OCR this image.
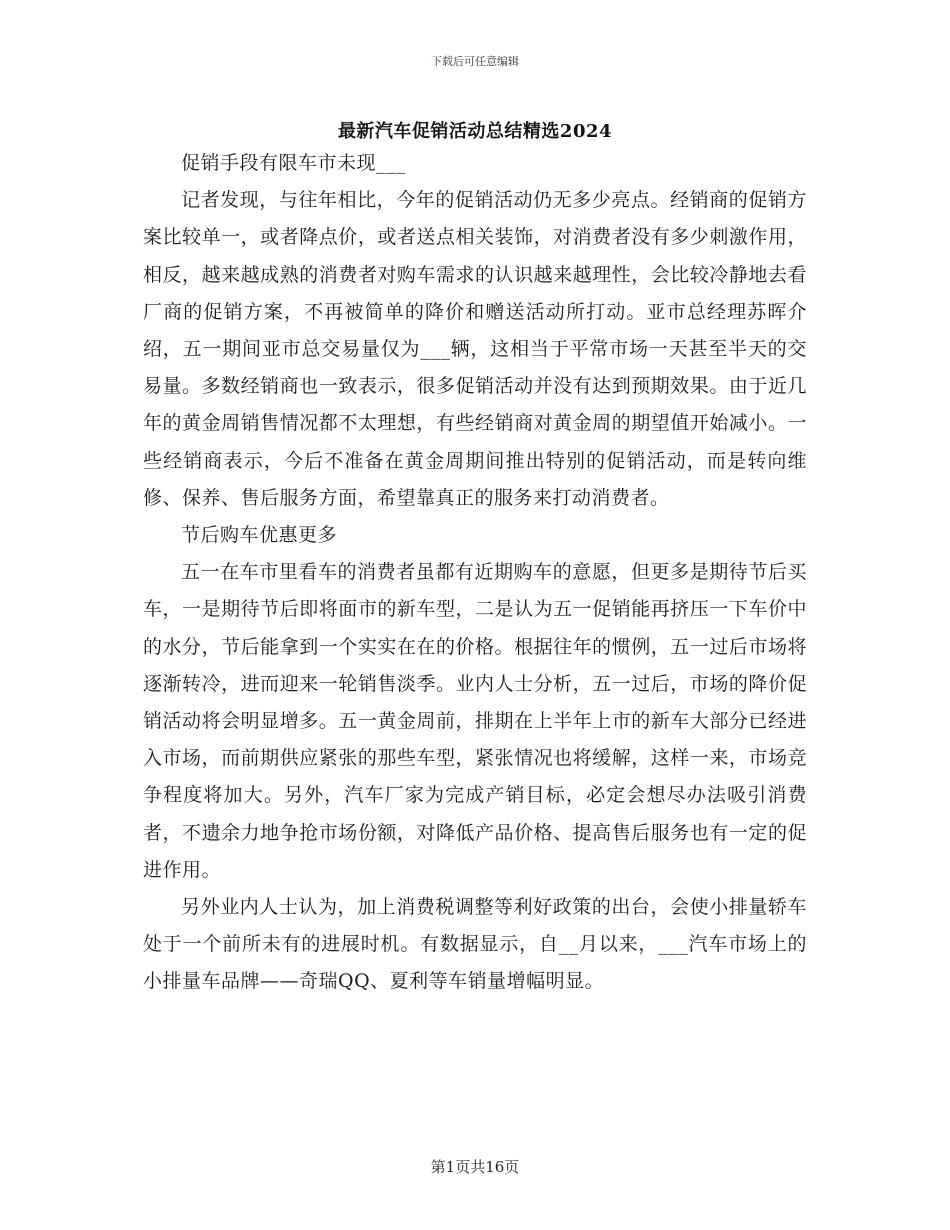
下载后可任意编辑
最新汽车促销活动总结精选2024

促销手段有限车市未现___

记者发现，与往年相比，今年的促销活动仍无多少亮点。经销商的促销方案比较单一，或者降点价，或者送点相关装饰，对消费者没有多少刺激作用，相反，越来越成熟的消费者对购车需求的认识越来越理性，会比较冷静地去看厂商的促销方案，不再被简单的降价和赠送活动所打动。亚市总经理苏晖介绍，五一期间亚市总交易量仅为___辆，这相当于平常市场一天甚至半天的交易量。多数经销商也一致表示，很多促销活动并没有达到预期效果。由于近几年的黄金周销售情况都不太理想，有些经销商对黄金周的期望值开始减小。一些经销商表示，今后不准备在黄金周期间推出特别的促销活动，而是转向维修、保养、售后服务方面，希望靠真正的服务来打动消费者。

节后购车优惠更多

五一在车市里看车的消费者虽都有近期购车的意愿，但更多是期待节后买车，一是期待节后即将面市的新车型，二是认为五一促销能再挤压一下车价中的水分，节后能拿到一个实实在在的价格。根据往年的惯例，五一过后市场将逐渐转冷，进而迎来一轮销售淡季。业内人士分析，五一过后，市场的降价促销活动将会明显增多。五一黄金周前，排期在上半年上市的新车大部分已经进入市场，而前期供应紧张的那些车型，紧张情况也将缓解，这样一来，市场竞争程度将加大。另外，汽车厂家为完成产销目标，必定会想尽办法吸引消费者，不遗余力地争抢市场份额，对降低产品价格、提高售后服务也有一定的促进作用。

另外业内人士认为，加上消费税调整等利好政策的出台，会使小排量轿车处于一个前所未有的进展时机。有数据显示，自__月以来，___汽车市场上的小排量车品牌——奇瑞QQ、夏利等车销量增幅明显。

第1页共16页
